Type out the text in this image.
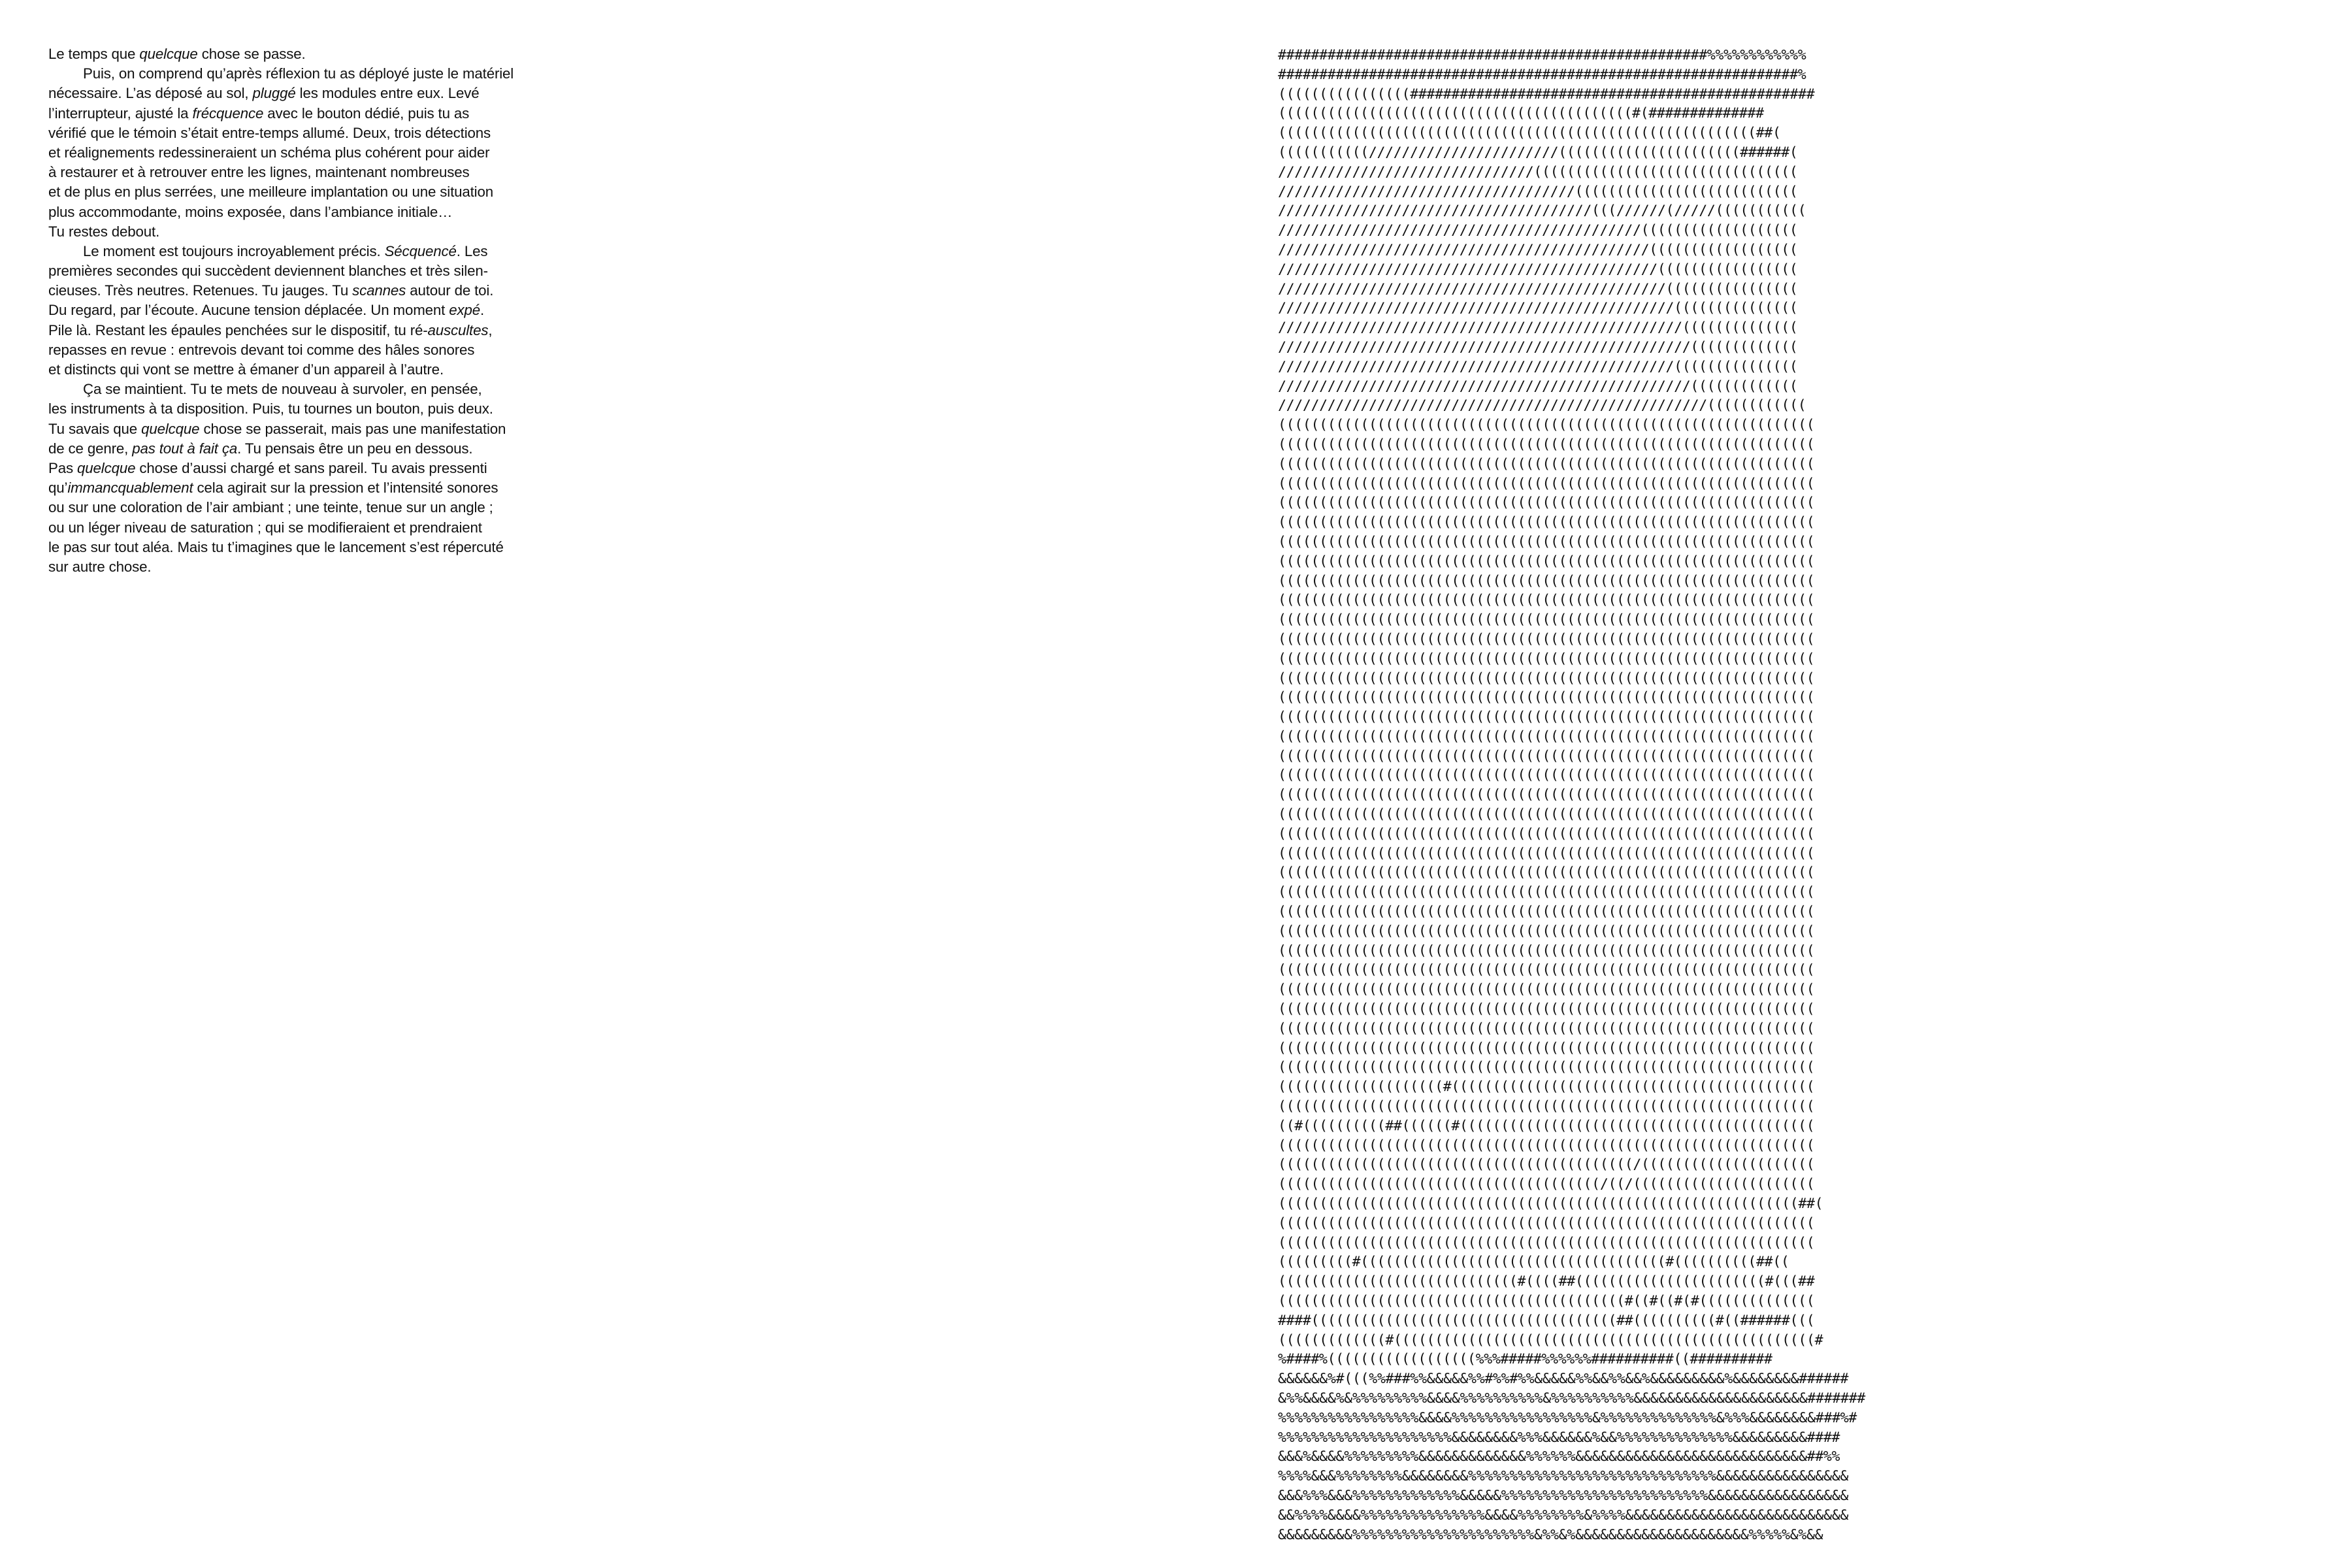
Le temps que quelcque chose se passe.
Puis, on comprend qu’après réflexion tu as déployé juste le matériel
nécessaire. L’as déposé au sol, pluggé les modules entre eux. Levé
l’interrupteur, ajusté la frécquence avec le bouton dédié, puis tu as
vérifié que le témoin s’était entre-temps allumé. Deux, trois détections
et réalignements redessineraient un schéma plus cohérent pour aider
à restaurer et à retrouver entre les lignes, maintenant nombreuses
et de plus en plus serrées, une meilleure implantation ou une situation
plus accommodante, moins exposée, dans l’ambiance initiale…
Tu restes debout.
Le moment est toujours incroyablement précis. Sécquencé. Les
premières secondes qui succèdent deviennent blanches et très silen-
cieuses. Très neutres. Retenues. Tu jauges. Tu scannes autour de toi.
Du regard, par l’écoute. Aucune tension déplacée. Un moment expé.
Pile là. Restant les épaules penchées sur le dispositif, tu ré-auscultes,
repasses en revue : entrevois devant toi comme des hâles sonores
et distincts qui vont se mettre à émaner d’un appareil à l’autre.
Ça se maintient. Tu te mets de nouveau à survoler, en pensée,
les instruments à ta disposition. Puis, tu tournes un bouton, puis deux.
Tu savais que quelcque chose se passerait, mais pas une manifestation
de ce genre, pas tout à fait ça. Tu pensais être un peu en dessous.
Pas quelcque chose d’aussi chargé et sans pareil. Tu avais pressenti
qu’immancquablement cela agirait sur la pression et l’intensité sonores
ou sur une coloration de l’air ambiant ; une teinte, tenue sur un angle ;
ou un léger niveau de saturation ; qui se modifieraient et prendraient
le pas sur tout aléa. Mais tu t’imagines que le lancement s’est répercuté
sur autre chose.
####################################################%%%%%%%%%%%%
###############################################################%
((((((((((((((((#################################################
(((((((((((((((((((((((((((((((((((((((((((#(##############
((((((((((((((((((((((((((((((((((((((((((((((((((((((((((##(
(((((((((((///////////////////////((((((((((((((((((((((######(
///////////////////////////////((((((((((((((((((((((((((((((((
////////////////////////////////////(((((((((((((((((((((((((((
//////////////////////////////////////(((//////(/////(((((((((((
////////////////////////////////////////////(((((((((((((((((((
/////////////////////////////////////////////((((((((((((((((((
//////////////////////////////////////////////(((((((((((((((((
///////////////////////////////////////////////((((((((((((((((
////////////////////////////////////////////////(((((((((((((((
/////////////////////////////////////////////////((((((((((((((
//////////////////////////////////////////////////(((((((((((((
////////////////////////////////////////////////(((((((((((((((
//////////////////////////////////////////////////(((((((((((((
////////////////////////////////////////////////////((((((((((((
(((((((((((((((((((((((((((((((((((((((((((((((((((((((((((((((((
(((((((((((((((((((((((((((((((((((((((((((((((((((((((((((((((((
(((((((((((((((((((((((((((((((((((((((((((((((((((((((((((((((((
(((((((((((((((((((((((((((((((((((((((((((((((((((((((((((((((((
(((((((((((((((((((((((((((((((((((((((((((((((((((((((((((((((((
(((((((((((((((((((((((((((((((((((((((((((((((((((((((((((((((((
(((((((((((((((((((((((((((((((((((((((((((((((((((((((((((((((((
(((((((((((((((((((((((((((((((((((((((((((((((((((((((((((((((((
(((((((((((((((((((((((((((((((((((((((((((((((((((((((((((((((((
(((((((((((((((((((((((((((((((((((((((((((((((((((((((((((((((((
(((((((((((((((((((((((((((((((((((((((((((((((((((((((((((((((((
(((((((((((((((((((((((((((((((((((((((((((((((((((((((((((((((((
(((((((((((((((((((((((((((((((((((((((((((((((((((((((((((((((((
(((((((((((((((((((((((((((((((((((((((((((((((((((((((((((((((((
(((((((((((((((((((((((((((((((((((((((((((((((((((((((((((((((((
(((((((((((((((((((((((((((((((((((((((((((((((((((((((((((((((((
(((((((((((((((((((((((((((((((((((((((((((((((((((((((((((((((((
(((((((((((((((((((((((((((((((((((((((((((((((((((((((((((((((((
(((((((((((((((((((((((((((((((((((((((((((((((((((((((((((((((((
(((((((((((((((((((((((((((((((((((((((((((((((((((((((((((((((((
(((((((((((((((((((((((((((((((((((((((((((((((((((((((((((((((((
(((((((((((((((((((((((((((((((((((((((((((((((((((((((((((((((((
(((((((((((((((((((((((((((((((((((((((((((((((((((((((((((((((((
(((((((((((((((((((((((((((((((((((((((((((((((((((((((((((((((((
(((((((((((((((((((((((((((((((((((((((((((((((((((((((((((((((((
(((((((((((((((((((((((((((((((((((((((((((((((((((((((((((((((((
(((((((((((((((((((((((((((((((((((((((((((((((((((((((((((((((((
(((((((((((((((((((((((((((((((((((((((((((((((((((((((((((((((((
(((((((((((((((((((((((((((((((((((((((((((((((((((((((((((((((((
(((((((((((((((((((((((((((((((((((((((((((((((((((((((((((((((((
(((((((((((((((((((((((((((((((((((((((((((((((((((((((((((((((((
(((((((((((((((((((((((((((((((((((((((((((((((((((((((((((((((((
(((((((((((((((((((((((((((((((((((((((((((((((((((((((((((((((((
(((((((((((((((((((((((((((((((((((((((((((((((((((((((((((((((((
((((((((((((((((((((#((((((((((((((((((((((((((((((((((((((((((((
(((((((((((((((((((((((((((((((((((((((((((((((((((((((((((((((((
((#((((((((((##((((((#(((((((((((((((((((((((((((((((((((((((((((
(((((((((((((((((((((((((((((((((((((((((((((((((((((((((((((((((
(((((((((((((((((((((((((((((((((((((((((((/(((((((((((((((((((((
(((((((((((((((((((((((((((((((((((((((/((/((((((((((((((((((((((
(((((((((((((((((((((((((((((((((((((((((((((((((((((((((((((((##(
(((((((((((((((((((((((((((((((((((((((((((((((((((((((((((((((((
(((((((((((((((((((((((((((((((((((((((((((((((((((((((((((((((((
(((((((((#(((((((((((((((((((((((((((((((((((((#((((((((((##((
(((((((((((((((((((((((((((((#((((##(((((((((((((((((((((((#(((##
((((((((((((((((((((((((((((((((((((((((((#((#((#(#((((((((((((((
####(((((((((((((((((((((((((((((((((((((##((((((((((#((######(((
(((((((((((((#(((((((((((((((((((((((((((((((((((((((((((((((((((#
%####%((((((((((((((((((%%%#####%%%%%%##########((##########
&&&&&&%#(((%%###%%&&&&&%%#%%#%%&&&&&%%&&%%&&%&&&&&&&&&%&&&&&&&&######
&%%&&&&%&%%%%%%%%%&&&&%%%%%%%%%%&%%%%%%%%%%&&&&&&&&&&&&&&&&&&&&&#######
%%%%%%%%%%%%%%%%%&&&&%%%%%%%%%%%%%%%%%&%%%%%%%%%%%%%%&%%%&&&&&&&&###%#
%%%%%%%%%%%%%%%%%%%%%&&&&&&&&%%%&&&&&&%&&%%%%%%%%%%%%%%&&&&&&&&&####
&&&%&&&&%%%%%%%%%&&&&&&&&&&&&&%%%%%%&&&&&&&&&&&&&&&&&&&&&&&&&&&&##%%
%%%%&&&%%%%%%%%&&&&&&&&%%%%%%%%%%%%%%%%%%%%%%%%%%%%%%&&&&&&&&&&&&&&&&
&&&%%%&&&%%%%%%%%%%%%%&&&&&%%%%%%%%%%%%%%%%%%%%%%%%%&&&&&&&&&&&&&&&&&
&&%%%%&&&&%%%%%%%%%%%%%%%&&&&%%%%%%%%&%%%%&&&&&&&&&&&&&&&&&&&&&&&&&&&
&&&&&&&&&%%%%%%%%%%%%%%%%%%%%%%&%%&%&&&&&&&&&&&&&&&&&&&&&%%%%%&%&&
